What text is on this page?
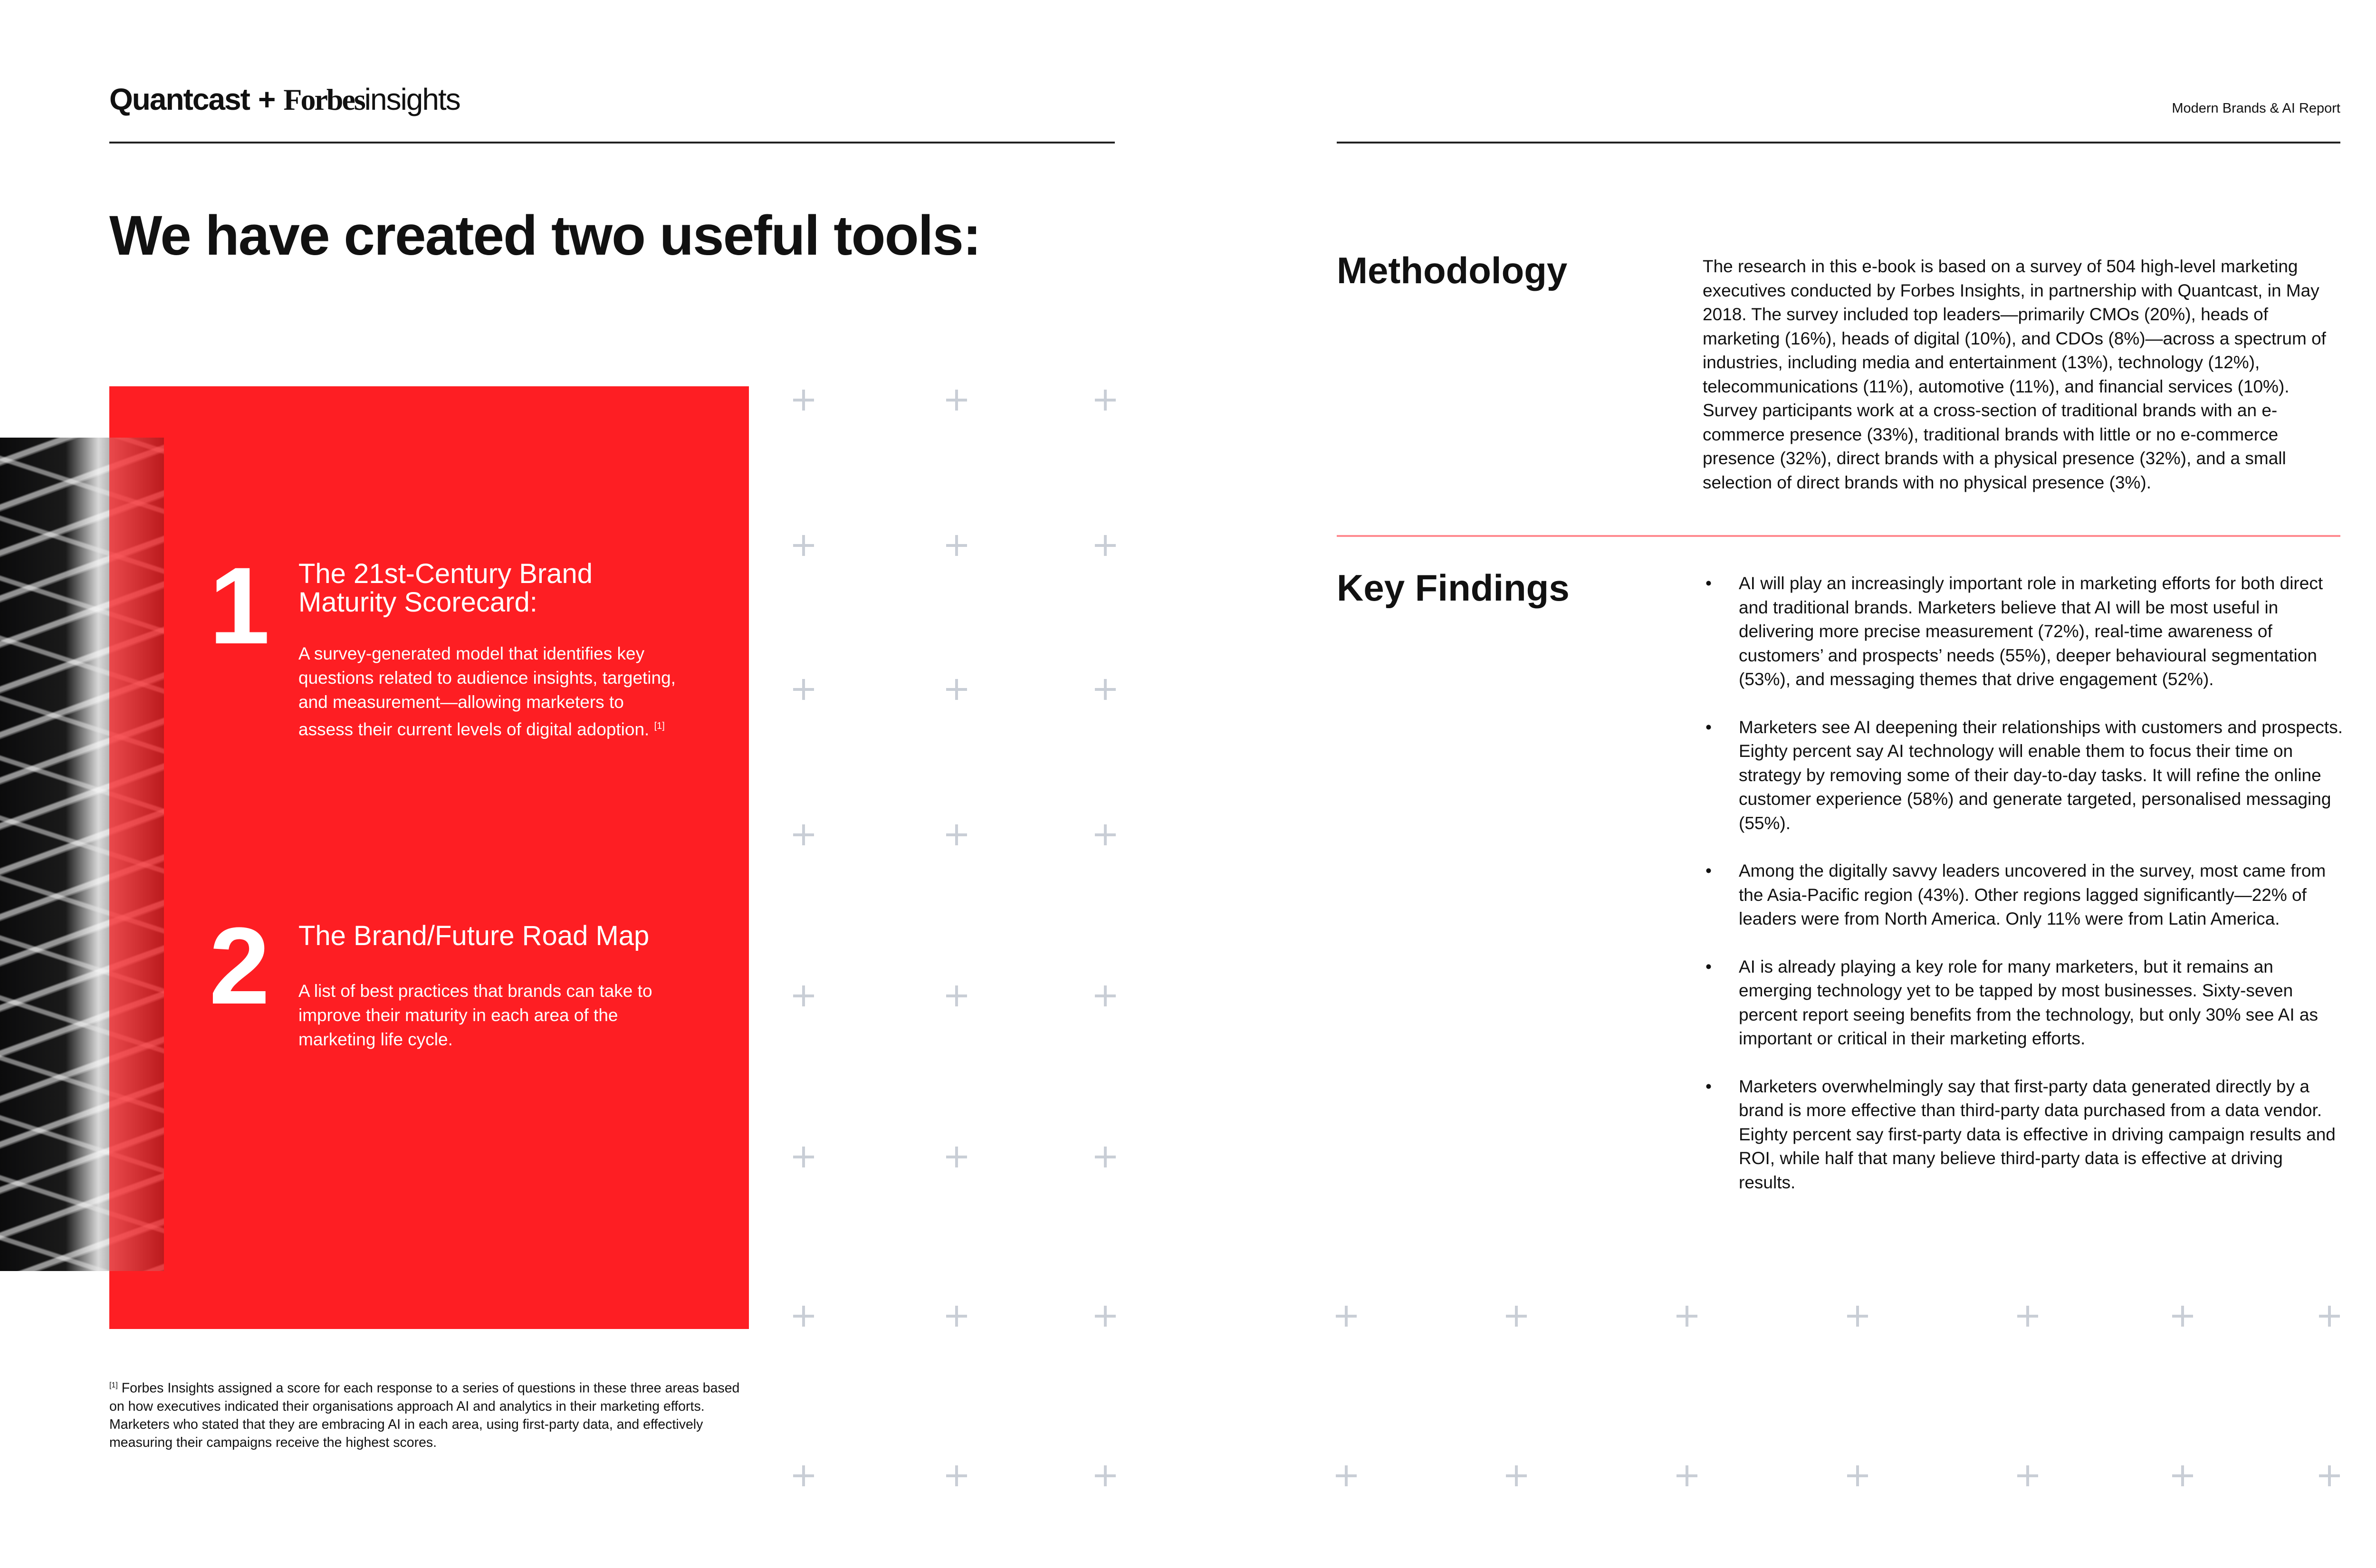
Quantcast + Forbesinsights	Modern Brands & AI Report
We have created two useful tools:
1 The 21st-Century Brand
Maturity Scorecard:
A survey-generated model that identifies key questions related to audience insights, targeting, and measurement—allowing marketers to assess their current levels of digital adoption. [1]
2 The Brand/Future Road Map
A list of best practices that brands can take to improve their maturity in each area of the marketing life cycle.
[1] Forbes Insights assigned a score for each response to a series of questions in these three areas based on how executives indicated their organisations approach AI and analytics in their marketing efforts. Marketers who stated that they are embracing AI in each area, using first-party data, and effectively measuring their campaigns receive the highest scores.
Methodology	The research in this e-book is based on a survey of 504 high-level marketing executives conducted by Forbes Insights, in partnership with Quantcast, in May 2018. The survey included top leaders—primarily CMOs (20%), heads of marketing (16%), heads of digital (10%), and CDOs (8%)—across a spectrum of industries, including media and entertainment (13%), technology (12%), telecommunications (11%), automotive (11%), and financial services (10%). Survey participants work at a cross-section of traditional brands with an e-commerce presence (33%), traditional brands with little or no e-commerce presence (32%), direct brands with a physical presence (32%), and a small selection of direct brands with no physical presence (3%).

Key Findings	• AI will play an increasingly important role in marketing efforts for both direct and traditional brands. Marketers believe that AI will be most useful in delivering more precise measurement (72%), real-time awareness of customers’ and prospects’ needs (55%), deeper behavioural segmentation (53%), and messaging themes that drive engagement (52%).
• Marketers see AI deepening their relationships with customers and prospects. Eighty percent say AI technology will enable them to focus their time on strategy by removing some of their day-to-day tasks. It will refine the online customer experience (58%) and generate targeted, personalised messaging (55%).
• Among the digitally savvy leaders uncovered in the survey, most came from the Asia-Pacific region (43%). Other regions lagged significantly—22% of leaders were from North America. Only 11% were from Latin America.
• AI is already playing a key role for many marketers, but it remains an emerging technology yet to be tapped by most businesses. Sixty-seven percent report seeing benefits from the technology, but only 30% see AI as important or critical in their marketing efforts.
• Marketers overwhelmingly say that first-party data generated directly by a brand is more effective than third-party data purchased from a data vendor. Eighty percent say first-party data is effective in driving campaign results and ROI, while half that many believe third-party data is effective at driving results.
